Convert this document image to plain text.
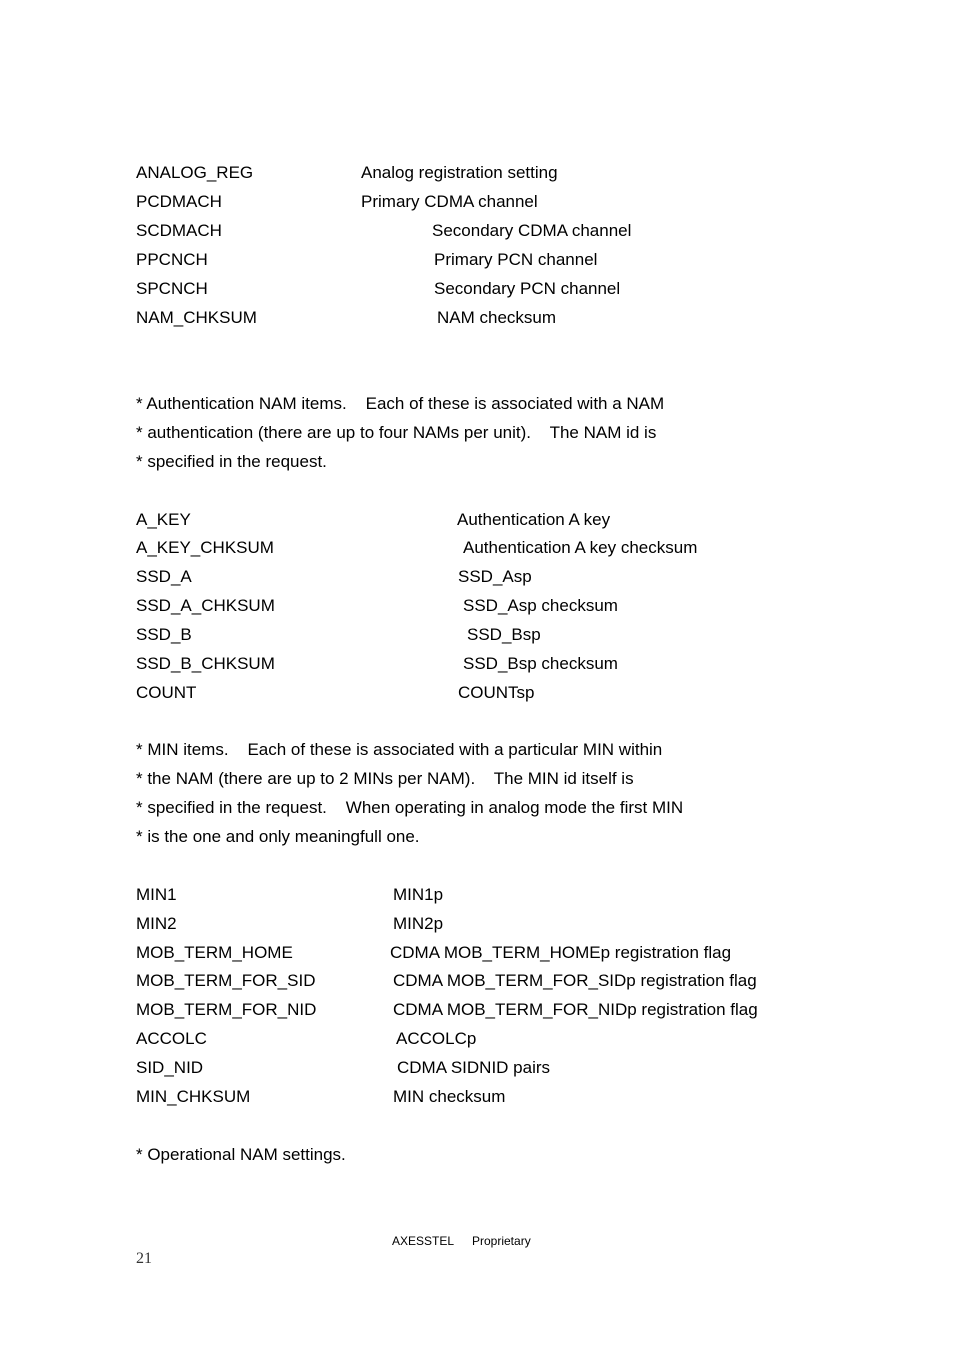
ANALOG_REG	Analog registration setting
PCDMACH	Primary CDMA channel
SCDMACH	Secondary CDMA channel
PPCNCH	Primary PCN channel
SPCNCH	Secondary PCN channel
NAM_CHKSUM	NAM checksum
* Authentication NAM items.    Each of these is associated with a NAM
* authentication (there are up to four NAMs per unit).    The NAM id is
* specified in the request.
A_KEY	Authentication A key
A_KEY_CHKSUM	Authentication A key checksum
SSD_A	SSD_Asp
SSD_A_CHKSUM	SSD_Asp checksum
SSD_B	SSD_Bsp
SSD_B_CHKSUM	SSD_Bsp checksum
COUNT	COUNTsp
* MIN items.    Each of these is associated with a particular MIN within
* the NAM (there are up to 2 MINs per NAM).    The MIN id itself is
* specified in the request.    When operating in analog mode the first MIN
* is the one and only meaningfull one.
MIN1	MIN1p
MIN2	MIN2p
MOB_TERM_HOME	CDMA MOB_TERM_HOMEp registration flag
MOB_TERM_FOR_SID	CDMA MOB_TERM_FOR_SIDp registration flag
MOB_TERM_FOR_NID	CDMA MOB_TERM_FOR_NIDp registration flag
ACCOLC	ACCOLCp
SID_NID	CDMA SIDNID pairs
MIN_CHKSUM	MIN checksum
* Operational NAM settings.
AXESSTEL Proprietary
21
